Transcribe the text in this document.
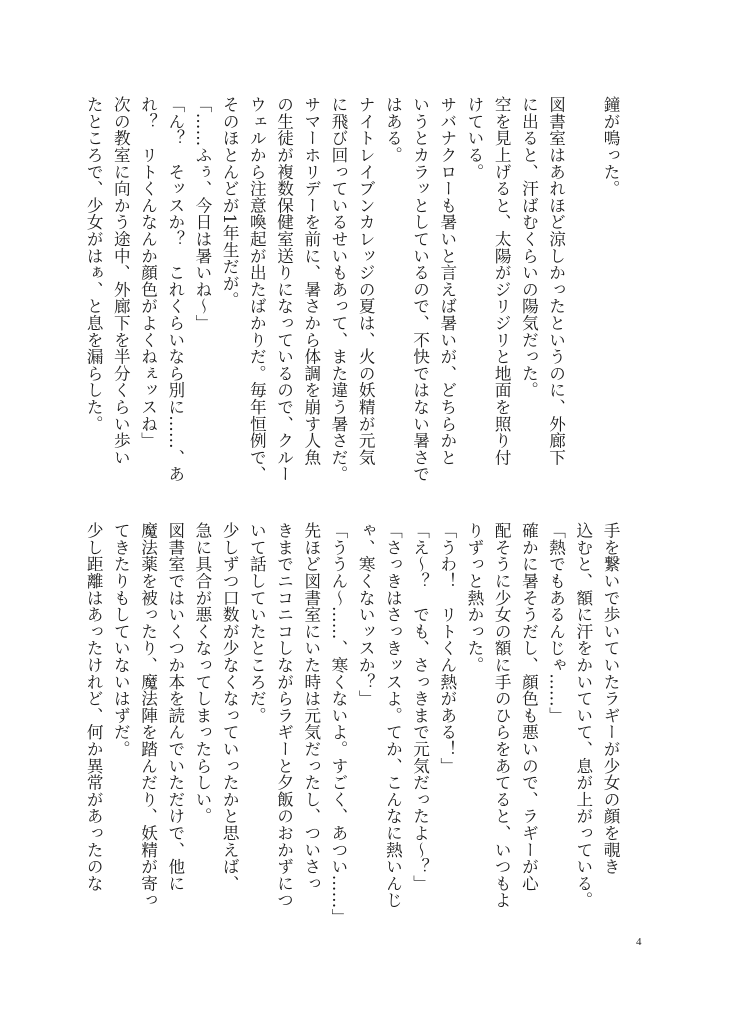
鐘が鳴った。

図書室はあれほど涼しかったというのに、外廊下
に出ると、汗ばむくらいの陽気だった。
空を見上げると、太陽がジリジリと地面を照り付
けている。
サバナクローも暑いと言えば暑いが、どちらかと
いうとカラッとしているので、不快ではない暑さで
はある。
ナイトレイブンカレッジの夏は、火の妖精が元気
に飛び回っているせいもあって、また違う暑さだ。
サマーホリデーを前に、暑さから体調を崩す人魚
の生徒が複数保健室送りになっているので、クルー
ウェルから注意喚起が出たばかりだ。毎年恒例で、
そのほとんどが1年生だが。
「……ふぅ、今日は暑いね〜」
「ん？　そッスか？　これくらいなら別に……、あ
れ？　リトくんなんか顔色がよくねぇッスね」
次の教室に向かう途中、外廊下を半分くらい歩い
たところで、少女がはぁ、と息を漏らした。
手を繋いで歩いていたラギーが少女の顔を覗き
込むと、額に汗をかいていて、息が上がっている。
「熱でもあるんじゃ……」
確かに暑そうだし、顔色も悪いので、ラギーが心
配そうに少女の額に手のひらをあてると、いつもよ
りずっと熱かった。
「うわ！　リトくん熱がある！」
「え〜？　でも、さっきまで元気だったよ〜？」
「さっきはさっきッスよ。てか、こんなに熱いんじ
ゃ、寒くないッスか？」
「ううん〜……、寒くないよ。すごく、あつい……」
先ほど図書室にいた時は元気だったし、ついさっ
きまでニコニコしながらラギーと夕飯のおかずにつ
いて話していたところだ。
少しずつ口数が少なくなっていったかと思えば、
急に具合が悪くなってしまったらしい。
図書室ではいくつか本を読んでいただけで、他に
魔法薬を被ったり、魔法陣を踏んだり、妖精が寄っ
てきたりもしていないはずだ。
少し距離はあったけれど、何か異常があったのな
4
